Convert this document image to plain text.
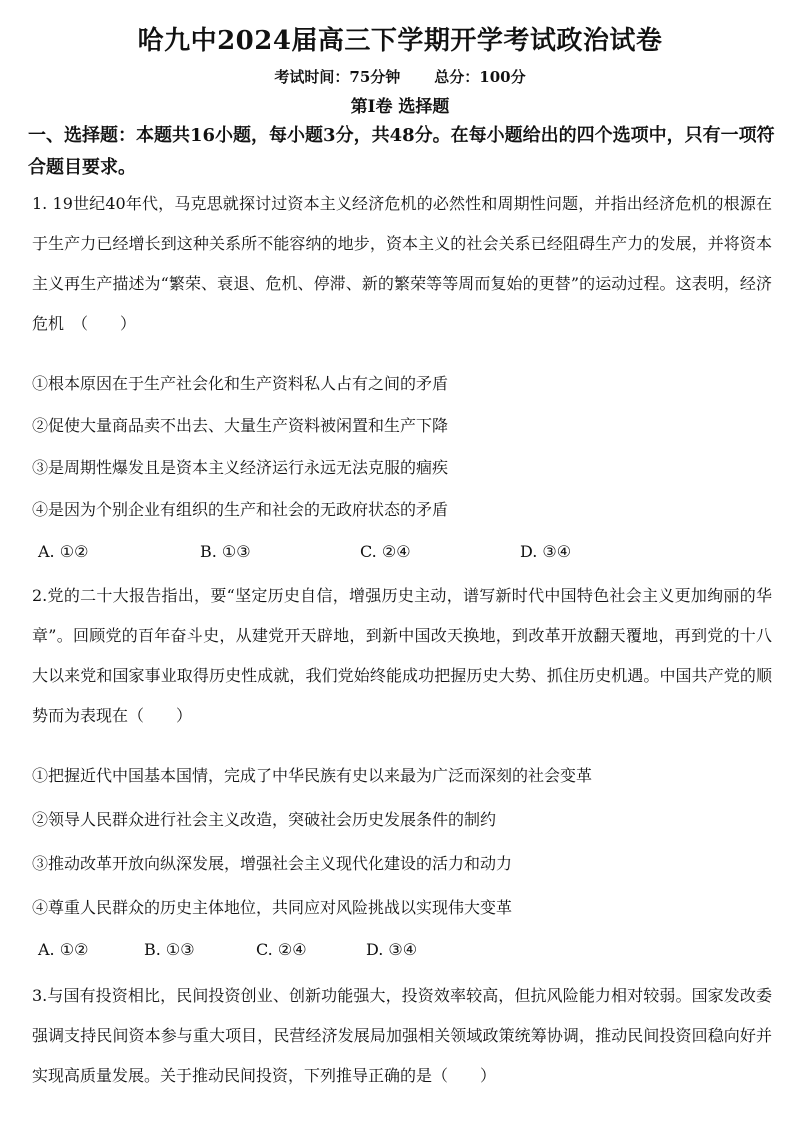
哈九中2024届高三下学期开学考试政治试卷
考试时间：75分钟 总分：100分
第Ⅰ卷 选择题
一、选择题：本题共16小题，每小题3分，共48分。在每小题给出的四个选项中，只有一项符合题目要求。
1. 19世纪40年代，马克思就探讨过资本主义经济危机的必然性和周期性问题，并指出经济危机的根源在于生产力已经增长到这种关系所不能容纳的地步，资本主义的社会关系已经阻碍生产力的发展，并将资本主义再生产描述为“繁荣、衰退、危机、停滞、新的繁荣等等周而复始的更替”的运动过程。这表明，经济危机　（　　）
①根本原因在于生产社会化和生产资料私人占有之间的矛盾
②促使大量商品卖不出去、大量生产资料被闲置和生产下降
③是周期性爆发且是资本主义经济运行永远无法克服的痼疾
④是因为个别企业有组织的生产和社会的无政府状态的矛盾
A. ①②	B. ①③	C. ②④	D. ③④
2.党的二十大报告指出，要“坚定历史自信，增强历史主动，谱写新时代中国特色社会主义更加绚丽的华章”。回顾党的百年奋斗史，从建党开天辟地，到新中国改天换地，到改革开放翻天覆地，再到党的十八大以来党和国家事业取得历史性成就，我们党始终能成功把握历史大势、抓住历史机遇。中国共产党的顺势而为表现在（　　）
①把握近代中国基本国情，完成了中华民族有史以来最为广泛而深刻的社会变革
②领导人民群众进行社会主义改造，突破社会历史发展条件的制约
③推动改革开放向纵深发展，增强社会主义现代化建设的活力和动力
④尊重人民群众的历史主体地位，共同应对风险挑战以实现伟大变革
A. ①②	B. ①③	C. ②④	D. ③④
3.与国有投资相比，民间投资创业、创新功能强大，投资效率较高，但抗风险能力相对较弱。国家发改委强调支持民间资本参与重大项目，民营经济发展局加强相关领域政策统筹协调，推动民间投资回稳向好并实现高质量发展。关于推动民间投资，下列推导正确的是（　　）
